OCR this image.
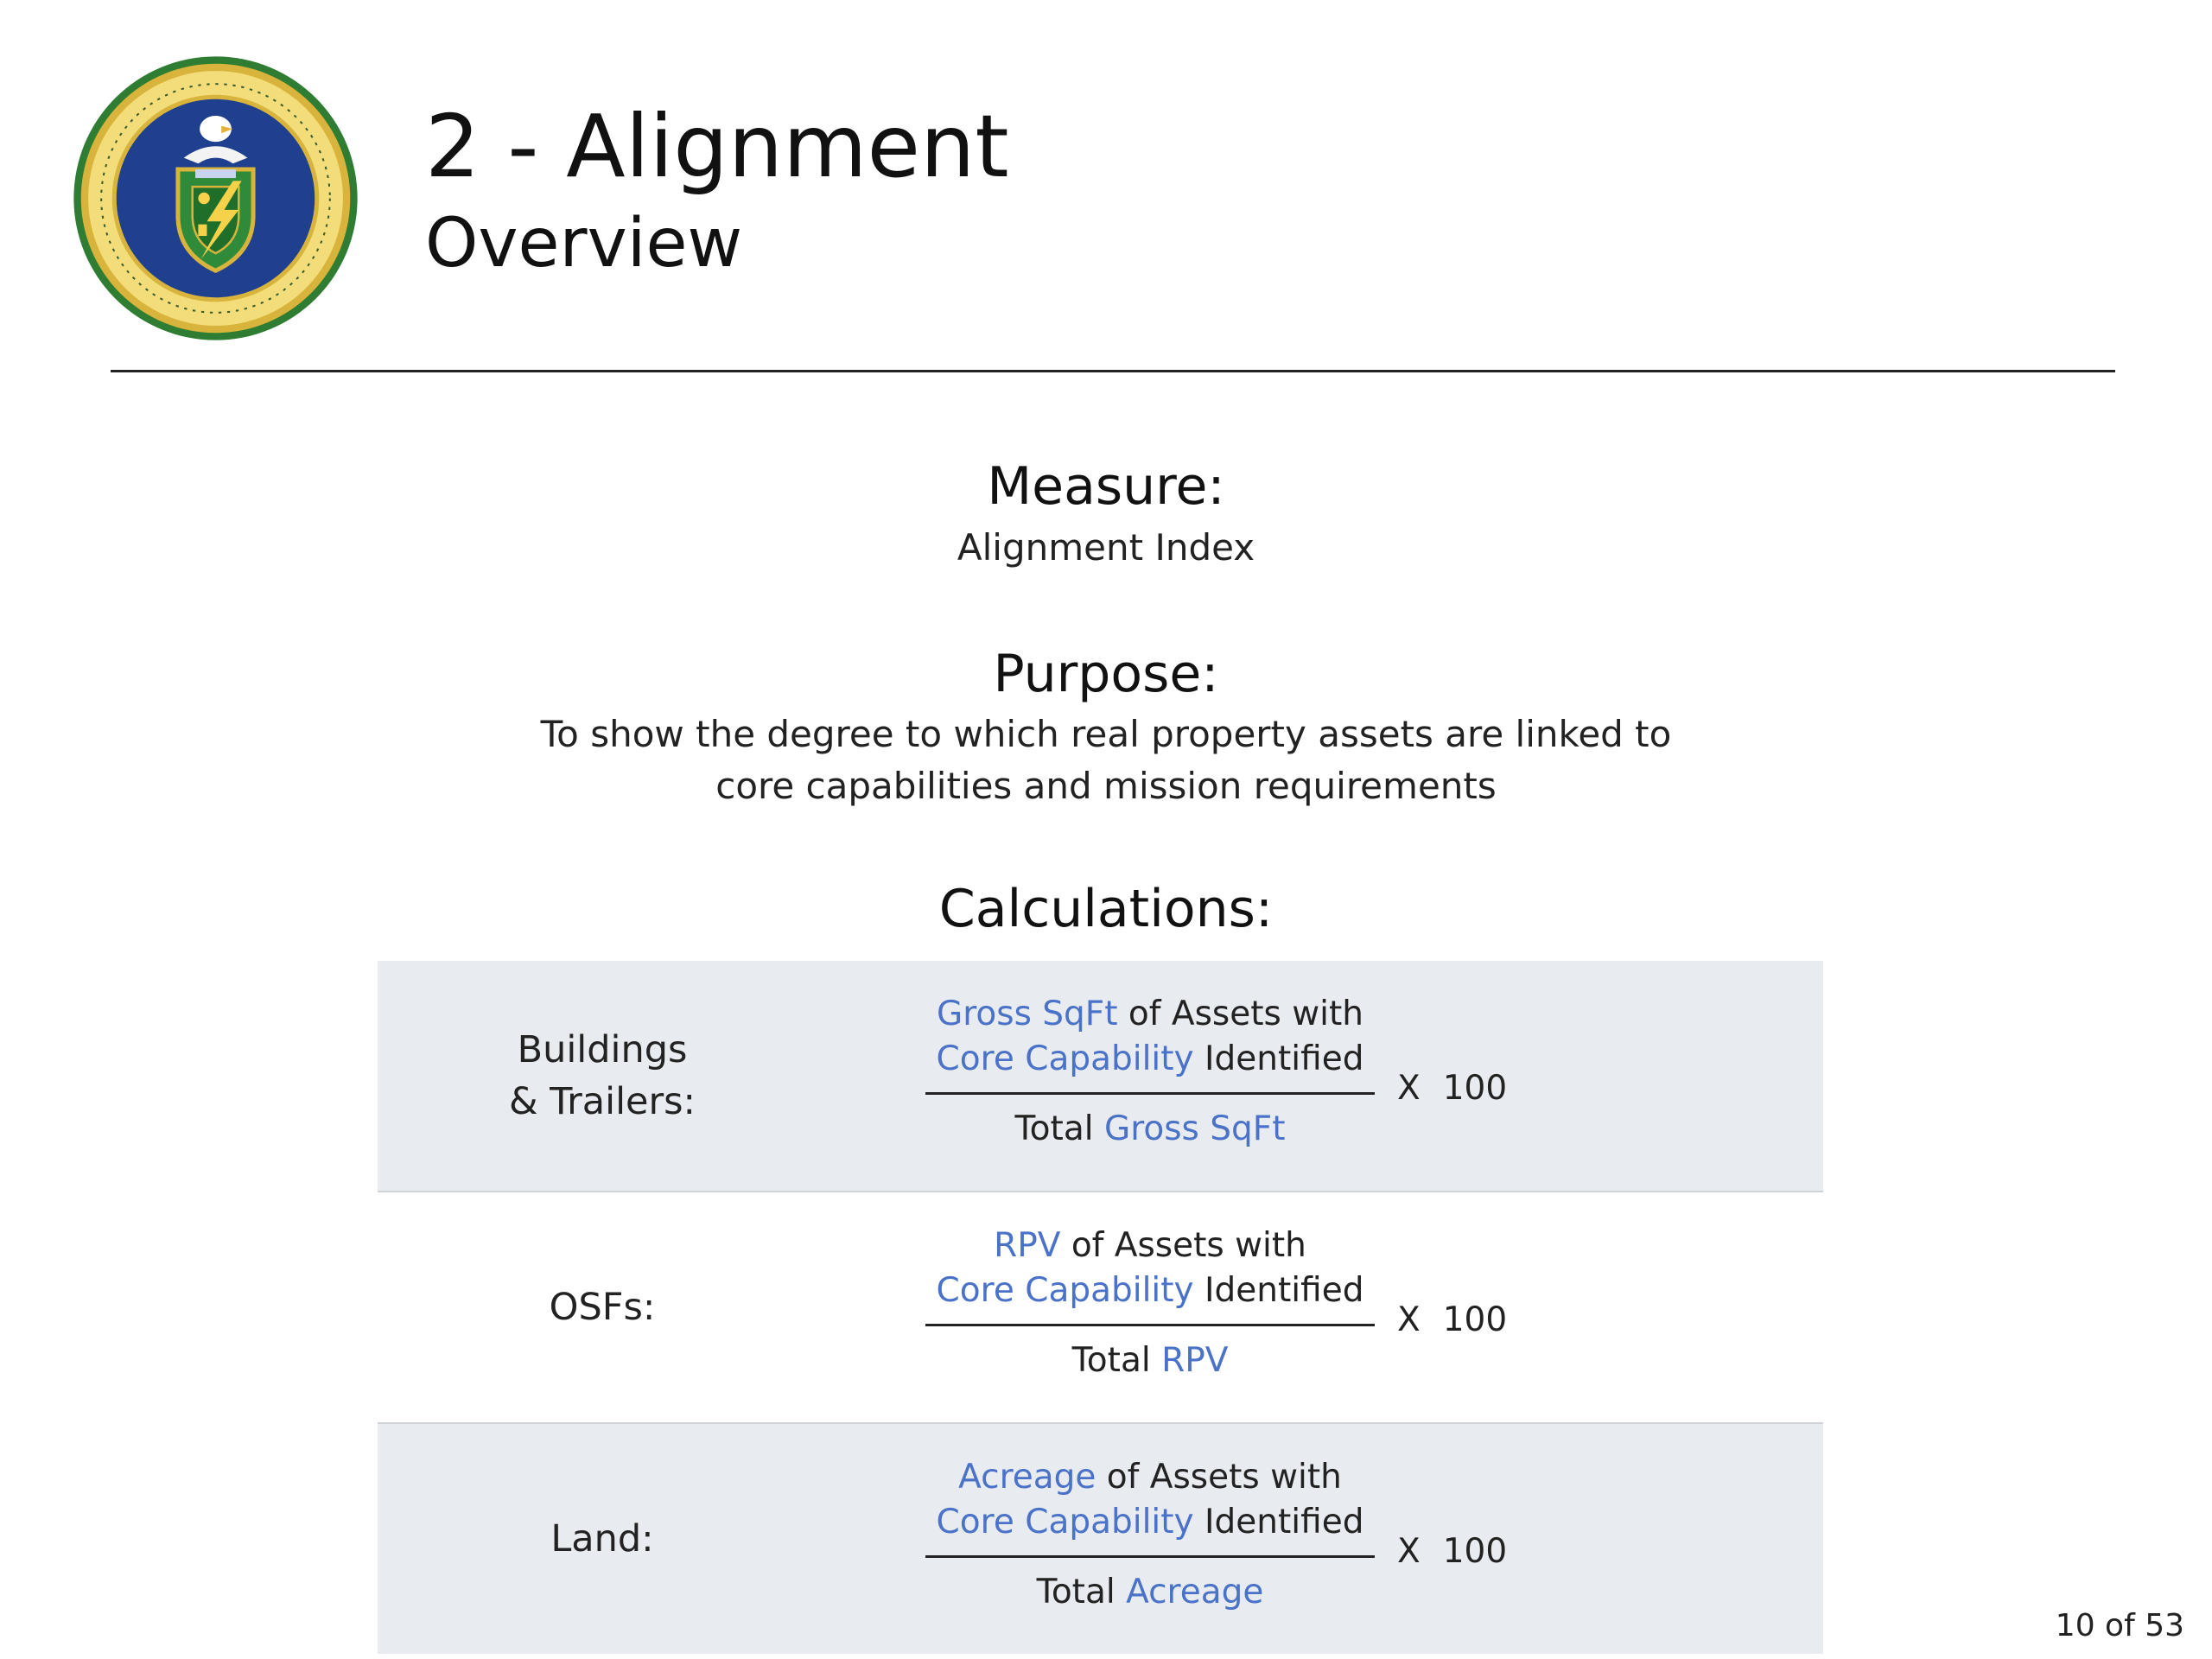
2 - Alignment
Overview
Measure:
Alignment Index
Purpose:
To show the degree to which real property assets are linked to
core capabilities and mission requirements
Calculations:
Buildings
& Trailers:
Gross SqFt of Assets with
Core Capability Identified
Total Gross SqFt
X 100
OSFs:
RPV of Assets with
Core Capability Identified
Total RPV
X 100
Land:
Acreage of Assets with
Core Capability Identified
Total Acreage
X 100
10 of 53
